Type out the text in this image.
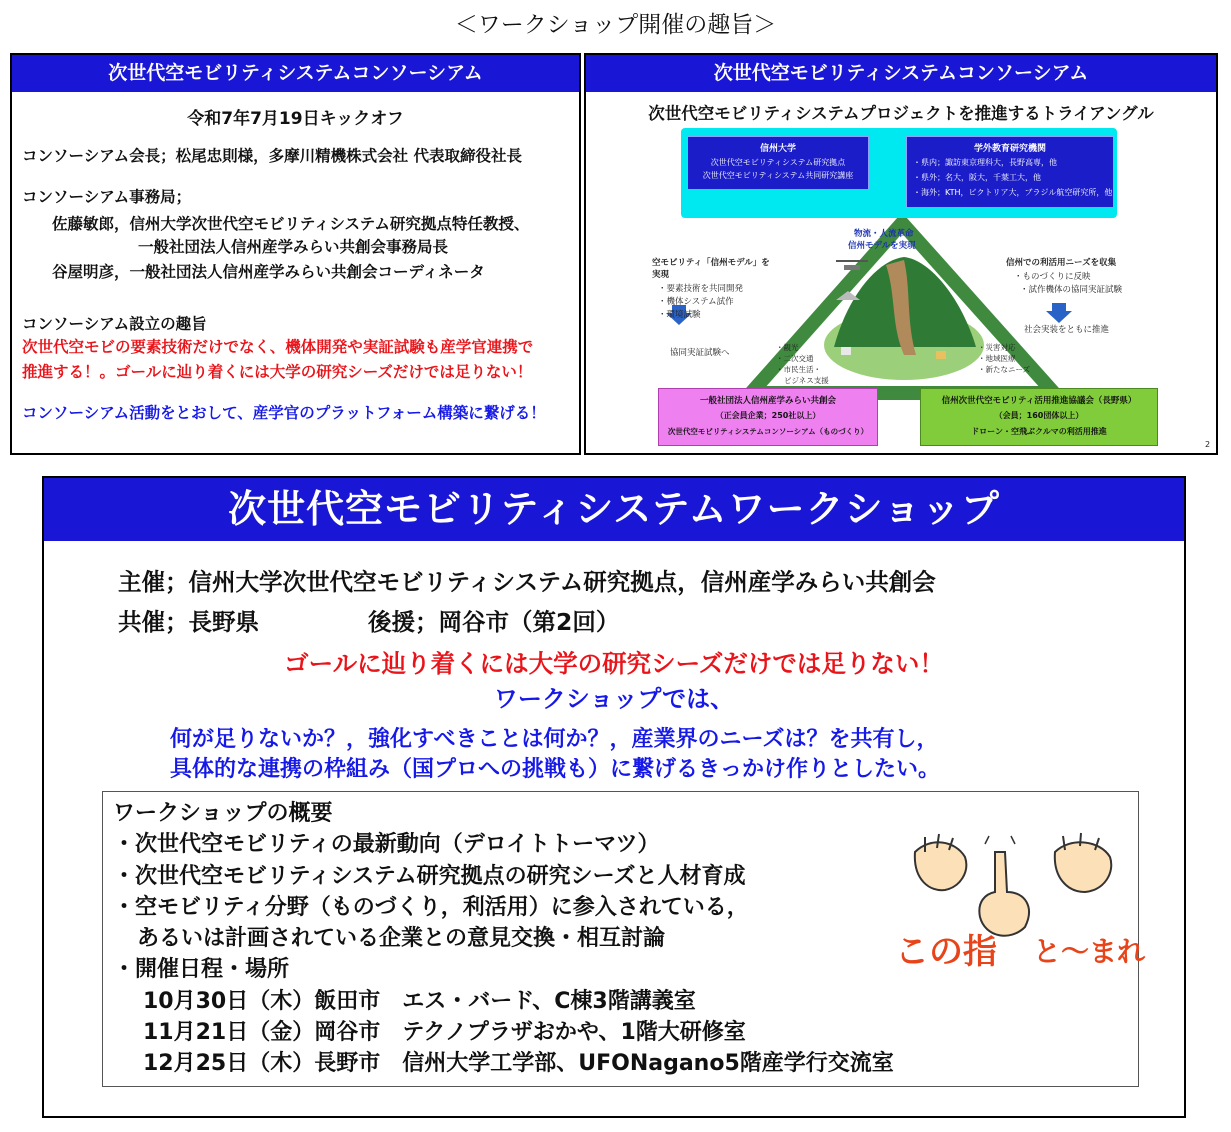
＜ワークショップ開催の趣旨＞
次世代空モビリティシステムコンソーシアム
令和7年7月19日キックオフ
コンソーシアム会長；松尾忠則様，多摩川精機株式会社 代表取締役社長
コンソーシアム事務局；
佐藤敏郎，信州大学次世代空モビリティシステム研究拠点特任教授、
一般社団法人信州産学みらい共創会事務局長
谷屋明彦，一般社団法人信州産学みらい共創会コーディネータ
コンソーシアム設立の趣旨
次世代空モビの要素技術だけでなく、機体開発や実証試験も産学官連携で
推進する！。ゴールに辿り着くには大学の研究シーズだけでは足りない！
コンソーシアム活動をとおして、産学官のプラットフォーム構築に繋げる！
次世代空モビリティシステムコンソーシアム
次世代空モビリティシステムプロジェクトを推進するトライアングル
信州大学
次世代空モビリティシステム研究拠点
次世代空モビリティシステム共同研究講座
学外教育研究機関
・県内；諏訪東京理科大，長野高専，他
・県外；名大，阪大，千葉工大，他
・海外；KTH，ビクトリア大，ブラジル航空研究所，他
物流・人流革命
信州モデルを実現
空モビリティ「信州モデル」を
実現
・要素技術を共同開発
・機体システム試作
・環境試験
協同実証試験へ
信州での利活用ニーズを収集
・ものづくりに反映
・試作機体の協同実証試験
社会実装をともに推進
・観光
・二次交通
・市民生活・
ビジネス支援
・災害対応
・地域医療
・新たなニーズ
一般社団法人信州産学みらい共創会
（正会員企業；250社以上）
次世代空モビリティシステムコンソーシアム（ものづくり）
信州次世代空モビリティ活用推進協議会（長野県）
（会員；160団体以上）
ドローン・空飛ぶクルマの利活用推進
2
次世代空モビリティシステムワークショップ
主催；信州大学次世代空モビリティシステム研究拠点，信州産学みらい共創会
共催；長野県	後援；岡谷市（第2回）
ゴールに辿り着くには大学の研究シーズだけでは足りない！
ワークショップでは、
何が足りないか？，強化すべきことは何か？，産業界のニーズは？を共有し，
具体的な連携の枠組み（国プロへの挑戦も）に繋げるきっかけ作りとしたい。
ワークショップの概要
・次世代空モビリティの最新動向（デロイトトーマツ）
・次世代空モビリティシステム研究拠点の研究シーズと人材育成
・空モビリティ分野（ものづくり，利活用）に参入されている，
あるいは計画されている企業との意見交換・相互討論
・開催日程・場所
10月30日（木）飯田市　エス・バード、C棟3階講義室
11月21日（金）岡谷市　テクノプラザおかや、1階大研修室
12月25日（木）長野市　信州大学工学部、UFONagano5階産学行交流室
この指 と～まれ
